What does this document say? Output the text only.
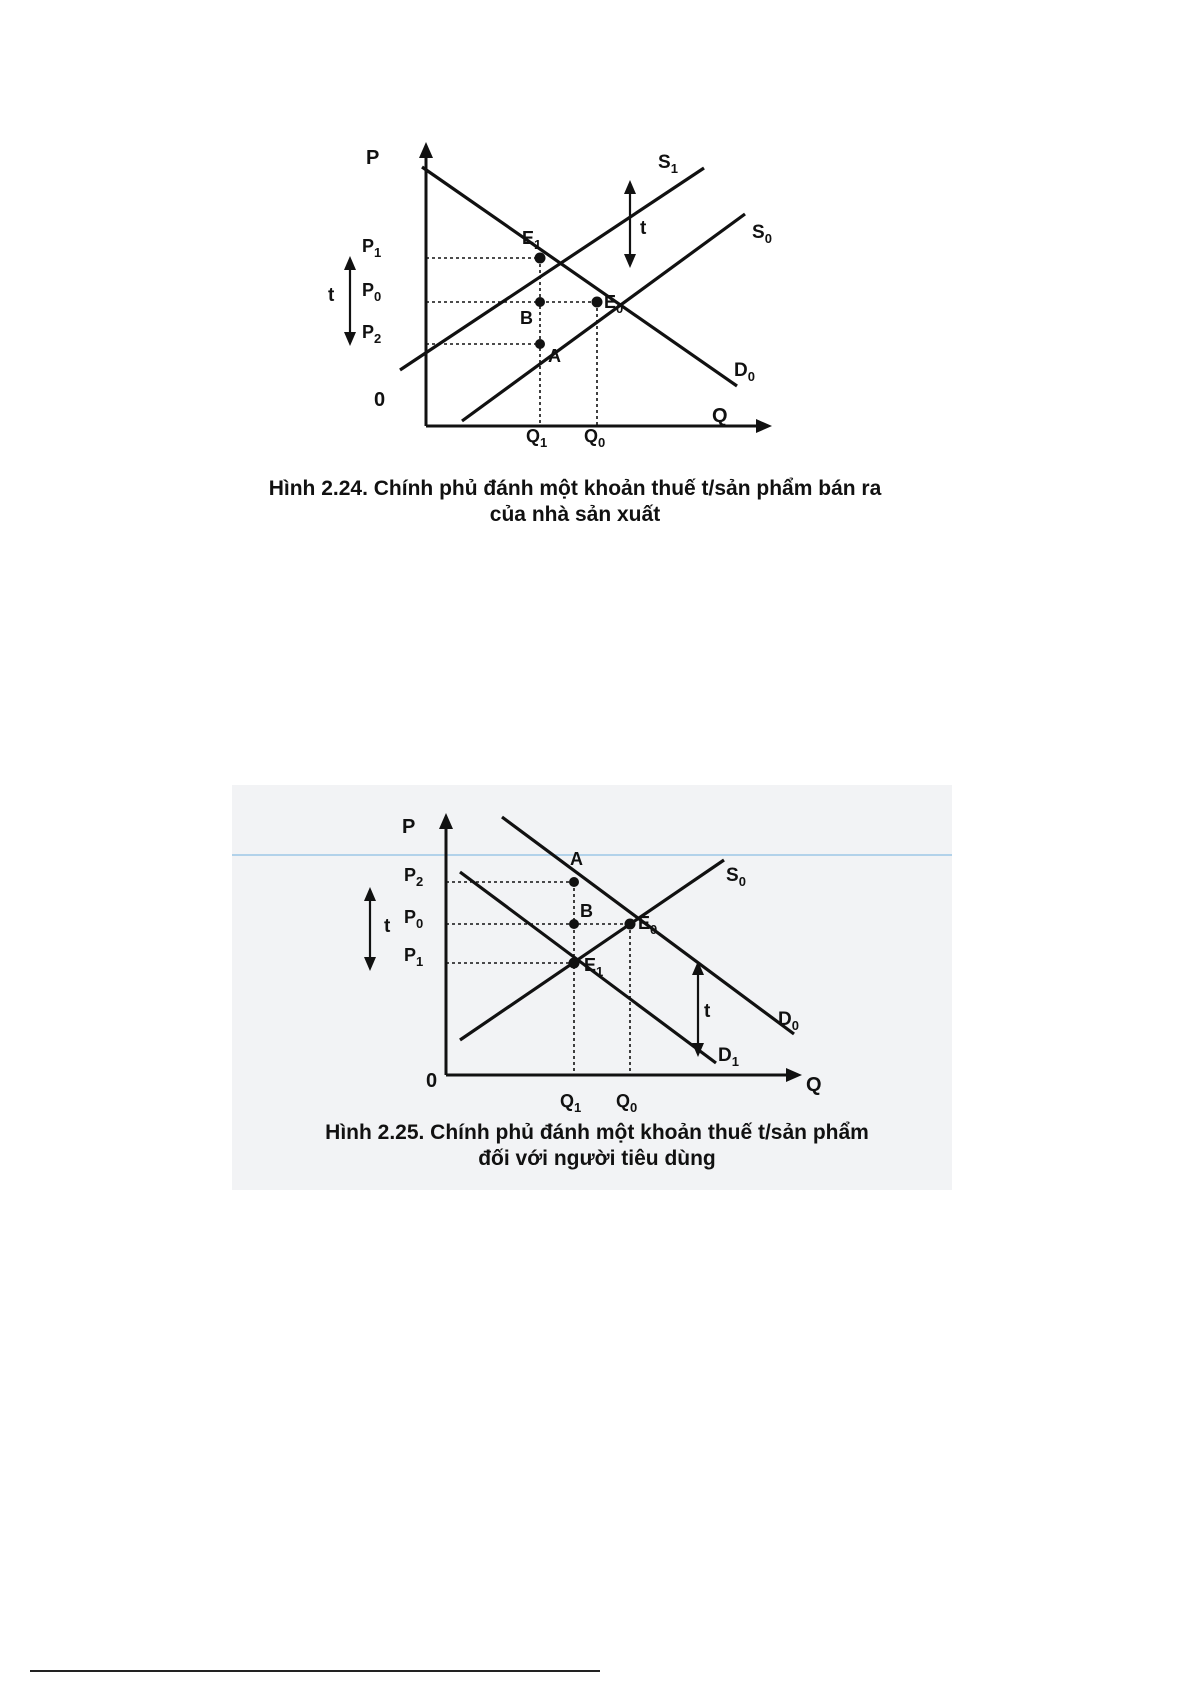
P
Q
0
$P_1$
$P_0$
$P_2$
t
$Q_1$ $Q_0$
$S_1$
$S_0$
$D_0$
$E_1$
$E_0$
B
A
t
Hình 2.24. Chính phủ đánh một khoản thuế t/sản phẩm bán ra
của nhà sản xuất
P
Q
0
$P_2$
$P_0$
$P_1$
t
$Q_1$ $Q_0$
A
B
$E_1$
$E_0$
$S_0$
$D_0$
$D_1$
t
Hình 2.25. Chính phủ đánh một khoản thuế t/sản phẩm
đối với người tiêu dùng
